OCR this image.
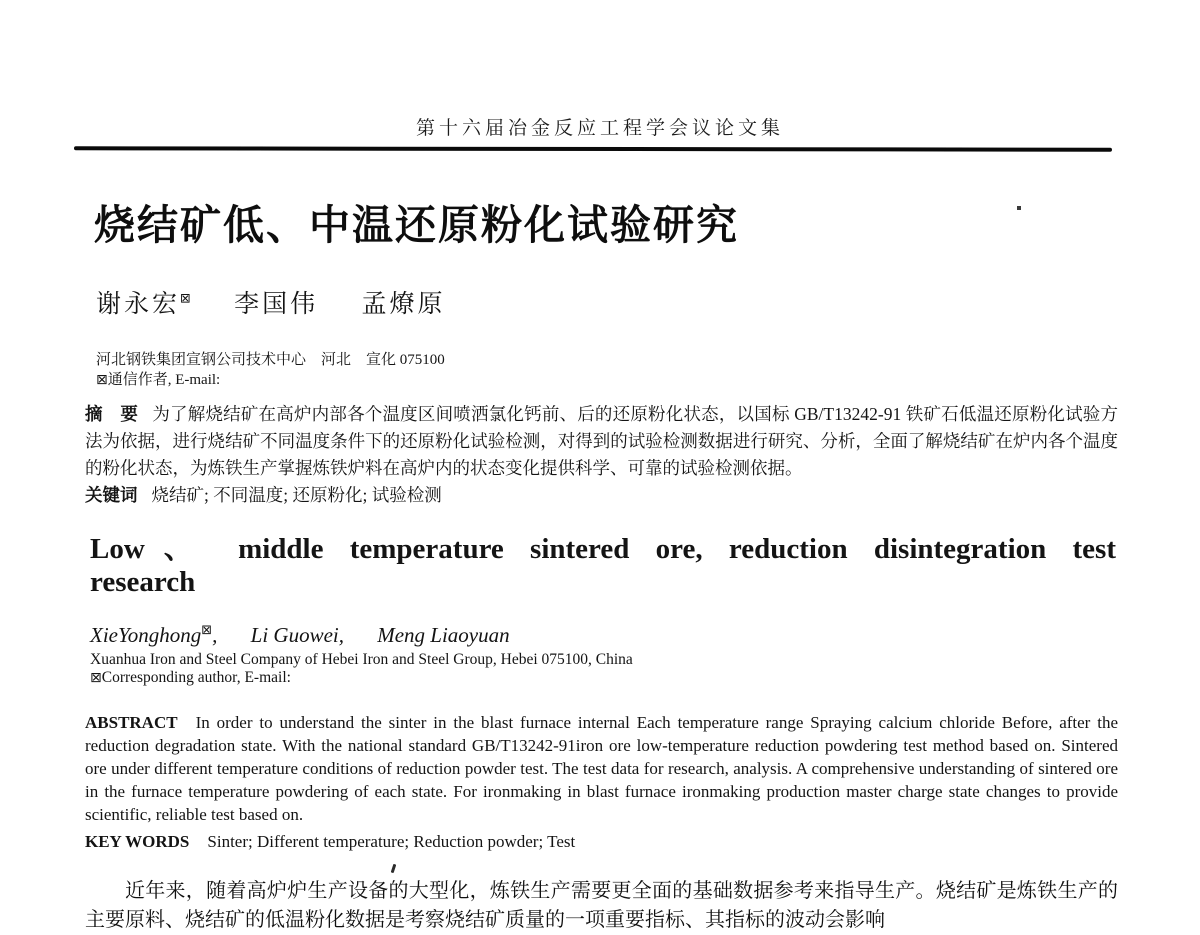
第十六届冶金反应工程学会议论文集
烧结矿低、中温还原粉化试验研究
谢永宏⊠ 李国伟 孟燎原
河北钢铁集团宣钢公司技术中心　河北　宣化 075100
⊠通信作者, E-mail:
摘　要 为了解烧结矿在高炉内部各个温度区间喷洒氯化钙前、后的还原粉化状态，以国标 GB/T13242-91 铁矿石低温还原粉化试验方法为依据，进行烧结矿不同温度条件下的还原粉化试验检测，对得到的试验检测数据进行研究、分析，全面了解烧结矿在炉内各个温度的粉化状态，为炼铁生产掌握炼铁炉料在高炉内的状态变化提供科学、可靠的试验检测依据。
关键词 烧结矿; 不同温度; 还原粉化; 试验检测
Low、 middle temperature sintered ore, reduction disintegration test
research
XieYonghong⊠, Li Guowei, Meng Liaoyuan
Xuanhua Iron and Steel Company of Hebei Iron and Steel Group, Hebei 075100, China
⊠Corresponding author, E-mail:
ABSTRACT In order to understand the sinter in the blast furnace internal Each temperature range Spraying calcium chloride Before, after the reduction degradation state. With the national standard GB/T13242-91iron ore low-temperature reduction powdering test method based on. Sintered ore under different temperature conditions of reduction powder test. The test data for research, analysis. A comprehensive understanding of sintered ore in the furnace temperature powdering of each state. For ironmaking in blast furnace ironmaking production master charge state changes to provide scientific, reliable test based on.
KEY WORDS Sinter; Different temperature; Reduction powder; Test
近年来，随着高炉炉生产设备的大型化，炼铁生产需要更全面的基础数据参考来指导生产。烧结矿是炼铁生产的主要原料、烧结矿的低温粉化数据是考察烧结矿质量的一项重要指标、其指标的波动会影响
